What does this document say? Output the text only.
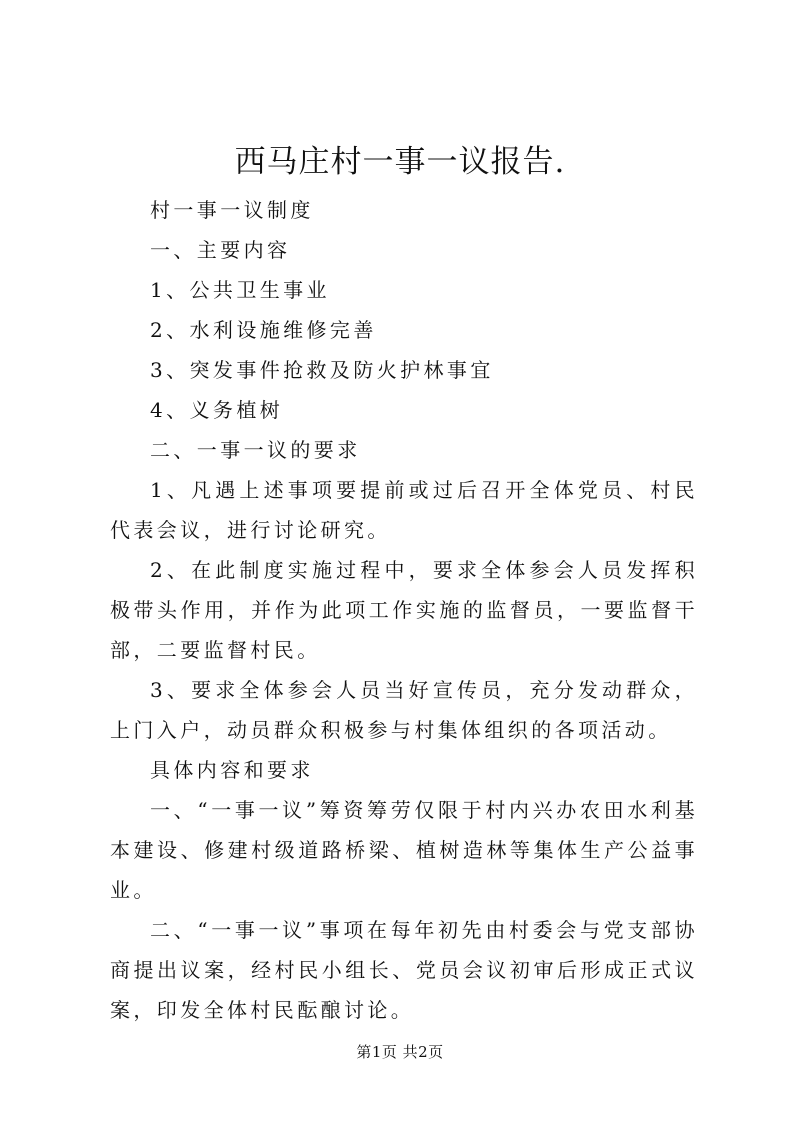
西马庄村一事一议报告.

村一事一议制度

一、主要内容

1、公共卫生事业

2、水利设施维修完善

3、突发事件抢救及防火护林事宜

4、义务植树

二、一事一议的要求

1、凡遇上述事项要提前或过后召开全体党员、村民代表会议，进行讨论研究。

2、在此制度实施过程中，要求全体参会人员发挥积极带头作用，并作为此项工作实施的监督员，一要监督干部，二要监督村民。

3、要求全体参会人员当好宣传员，充分发动群众，上门入户，动员群众积极参与村集体组织的各项活动。

具体内容和要求

一、“一事一议”筹资筹劳仅限于村内兴办农田水利基本建设、修建村级道路桥梁、植树造林等集体生产公益事业。

二、“一事一议”事项在每年初先由村委会与党支部协商提出议案，经村民小组长、党员会议初审后形成正式议案，印发全体村民酝酿讨论。

第1页 共2页
